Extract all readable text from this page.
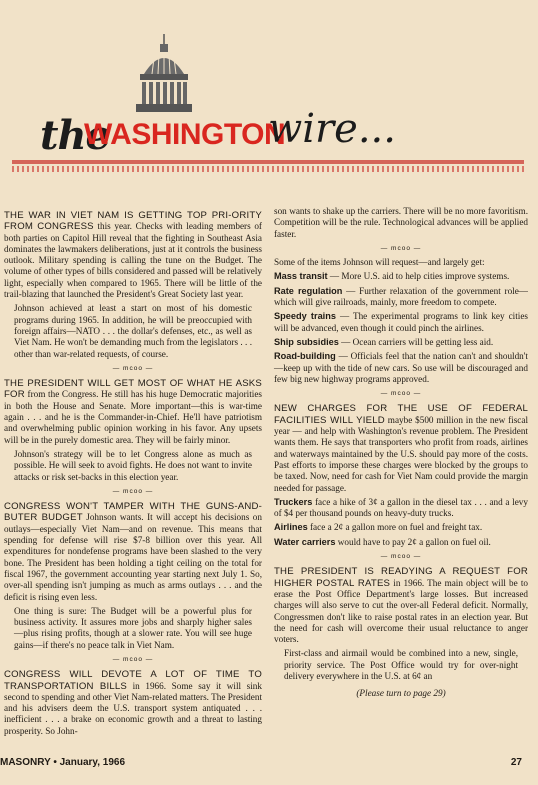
the
WASHINGTON
wire...

THE WAR IN VIET NAM IS GETTING TOP PRI-ORITY FROM CONGRESS this year. Checks with leading members of both parties on Capitol Hill reveal that the fighting in Southeast Asia dominates the lawmakers deliberations, just at it controls the business outlook. Military spending is calling the tune on the Budget. The volume of other types of bills considered and passed will be relatively light, especially when compared to 1965. There will be little of the trail-blazing that launched the President's Great Society last year.

Johnson achieved at least a start on most of his domestic programs during 1965. In addition, he will be preoccupied with foreign affairs—NATO . . . the dollar's defenses, etc., as well as Viet Nam. He won't be demanding much from the legislators . . . other than war-related requests, of course.

— mcoo —

THE PRESIDENT WILL GET MOST OF WHAT HE ASKS FOR from the Congress. He still has his huge Democratic majorities in both the House and Senate. More important—this is war-time again . . . and he is the Commander-in-Chief. He'll have patriotism and overwhelming public opinion working in his favor. Any upsets will be in the purely domestic area. They will be fairly minor.

Johnson's strategy will be to let Congress alone as much as possible. He will seek to avoid fights. He does not want to invite attacks or risk set-backs in this election year.

— mcoo —

CONGRESS WON'T TAMPER WITH THE GUNS-AND-BUTER BUDGET Johnson wants. It will accept his decisions on outlays—especially Viet Nam—and on revenue. This means that spending for defense will rise $7-8 billion over this year. All expenditures for nondefense programs have been slashed to the very bone. The President has been holding a tight ceiling on the total for fiscal 1967, the government accounting year starting next July 1. So, over-all spending isn't jumping as much as arms outlays . . . and the deficit is rising even less.

One thing is sure: The Budget will be a powerful plus for business activity. It assures more jobs and sharply higher sales—plus rising profits, though at a slower rate. You will see huge gains—if there's no peace talk in Viet Nam.

— mcoo —

CONGRESS WILL DEVOTE A LOT OF TIME TO TRANSPORTATION BILLS in 1966. Some say it will sink second to spending and other Viet Nam-related matters. The President and his advisers deem the U.S. transport system antiquated . . . inefficient . . . a brake on economic growth and a threat to lasting prosperity. So John-

son wants to shake up the carriers. There will be no more favoritism. Competition will be the rule. Technological advances will be applied faster.

— mcoo —

Some of the items Johnson will request—and largely get:

Mass transit — More U.S. aid to help cities improve systems.

Rate regulation — Further relaxation of the government role—which will give railroads, mainly, more freedom to compete.

Speedy trains — The experimental programs to link key cities will be advanced, even though it could pinch the airlines.

Ship subsidies — Ocean carriers will be getting less aid.

Road-building — Officials feel that the nation can't and shouldn't—keep up with the tide of new cars. So use will be discouraged and few big new highway programs approved.

— mcoo —

NEW CHARGES FOR THE USE OF FEDERAL FACILITIES WILL YIELD maybe $500 million in the new fiscal year — and help with Washington's revenue problem. The President wants them. He says that transporters who profit from roads, airlines and waterways maintained by the U.S. should pay more of the costs. Past efforts to imporse these charges were blocked by the groups to be taxed. Now, need for cash for Viet Nam could provide the margin needed for passage.

Truckers face a hike of 3¢ a gallon in the diesel tax . . . and a levy of $4 per thousand pounds on heavy-duty trucks.

Airlines face a 2¢ a gallon more on fuel and freight tax.

Water carriers would have to pay 2¢ a gallon on fuel oil.

— mcoo —

THE PRESIDENT IS READYING A REQUEST FOR HIGHER POSTAL RATES in 1966. The main object will be to erase the Post Office Department's large losses. But increased charges will also serve to cut the over-all Federal deficit. Normally, Congressmen don't like to raise postal rates in an election year. But the need for cash will overcome their usual reluctance to anger voters.

First-class and airmail would be combined into a new, single, priority service. The Post Office would try for over-night delivery everywhere in the U.S. at 6¢ an

(Please turn to page 29)

MASONRY • January, 1966	27
